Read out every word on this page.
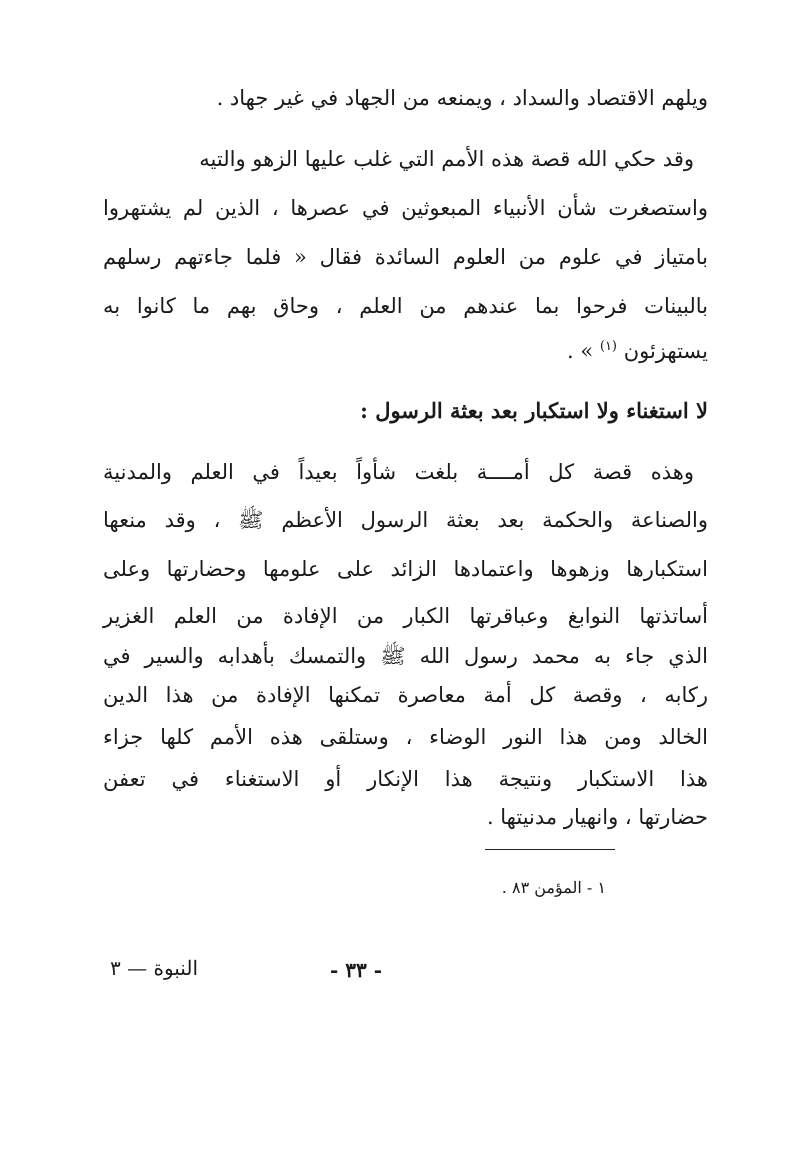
ويلهم الاقتصاد والسداد ، ويمنعه من الجهاد في غير جهاد .
وقد حكي الله قصة هذه الأمم التي غلب عليها الزهو والتيه
واستصغرت شأن الأنبياء المبعوثين في عصرها ، الذين لم يشتهروا
بامتياز في علوم من العلوم السائدة فقال « فلما جاءتهم رسلهم
بالبينات فرحوا بما عندهم من العلم ، وحاق بهم ما كانوا به
يستهزئون $^{(١)}$ » .
لا استغناء ولا استكبار بعد بعثة الرسول :
وهذه قصة كل أمــــة بلغت شأواً بعيداً في العلم والمدنية
والصناعة والحكمة بعد بعثة الرسول الأعظم ﷺ ، وقد منعها
استكبارها وزهوها واعتمادها الزائد على علومها وحضارتها وعلى
أساتذتها النوابغ وعباقرتها الكبار من الإفادة من العلم الغزير
الذي جاء به محمد رسول الله ﷺ والتمسك بأهدابه والسير في
ركابه ، وقصة كل أمة معاصرة تمكنها الإفادة من هذا الدين
الخالد ومن هذا النور الوضاء ، وستلقى هذه الأمم كلها جزاء
هذا الاستكبار ونتيجة هذا الإنكار أو الاستغناء في تعفن
حضارتها ، وانهيار مدنيتها .
١ - المؤمن ٨٣ .
- ٣٣ -
النبوة — ٣
